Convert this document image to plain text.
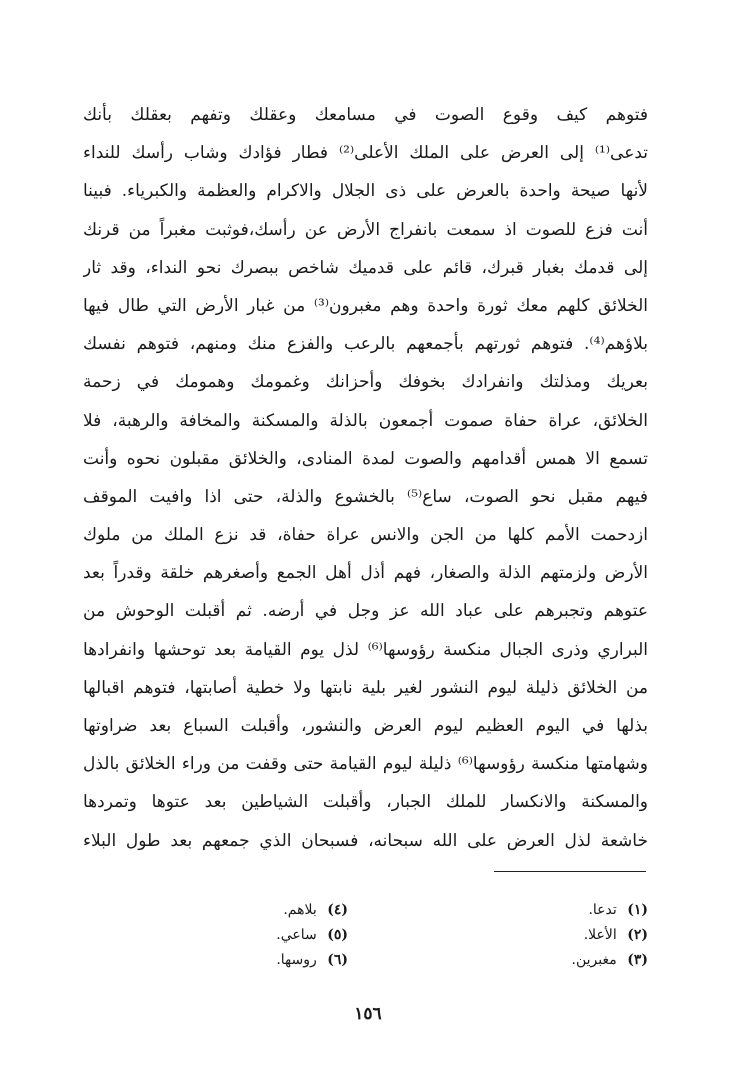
فتوهم كيف وقوع الصوت في مسامعك وعقلك وتفهم بعقلك بأنك
تدعى⁽¹⁾ إلى العرض على الملك الأعلى⁽²⁾ فطار فؤادك وشاب رأسك للنداء
لأنها صيحة واحدة بالعرض على ذى الجلال والاكرام والعظمة والكبرياء. فبينا
أنت فزع للصوت اذ سمعت بانفراج الأرض عن رأسك،فوثبت مغبراً من قرنك
إلى قدمك بغبار قبرك، قائم على قدميك شاخص ببصرك نحو النداء، وقد ثار
الخلائق كلهم معك ثورة واحدة وهم مغبرون⁽³⁾ من غبار الأرض التي طال فيها
بلاؤهم⁽⁴⁾. فتوهم ثورتهم بأجمعهم بالرعب والفزع منك ومنهم، فتوهم نفسك
بعريك ومذلتك وانفرادك بخوفك وأحزانك وغمومك وهمومك في زحمة
الخلائق، عراة حفاة صموت أجمعون بالذلة والمسكنة والمخافة والرهبة، فلا
تسمع الا همس أقدامهم والصوت لمدة المنادى، والخلائق مقبلون نحوه وأنت
فيهم مقبل نحو الصوت، ساع⁽⁵⁾ بالخشوع والذلة، حتى اذا وافيت الموقف
ازدحمت الأمم كلها من الجن والانس عراة حفاة، قد نزع الملك من ملوك
الأرض ولزمتهم الذلة والصغار، فهم أذل أهل الجمع وأصغرهم خلقة وقدراً بعد
عتوهم وتجبرهم على عباد الله عز وجل في أرضه. ثم أقبلت الوحوش من
البراري وذرى الجبال منكسة رؤوسها⁽⁶⁾ لذل يوم القيامة بعد توحشها وانفرادها
من الخلائق ذليلة ليوم النشور لغير بلية نابتها ولا خطية أصابتها، فتوهم اقبالها
بذلها في اليوم العظيم ليوم العرض والنشور، وأقبلت السباع بعد ضراوتها
وشهامتها منكسة رؤوسها⁽⁶⁾ ذليلة ليوم القيامة حتى وقفت من وراء الخلائق بالذل
والمسكنة والانكسار للملك الجبار، وأقبلت الشياطين بعد عتوها وتمردها
خاشعة لذل العرض على الله سبحانه، فسبحان الذي جمعهم بعد طول البلاء
(١) تدعا.
(٢) الأعلا.
(٣) مغبرين.
(٤) بلاهم.
(٥) ساعي.
(٦) روسها.
١٥٦
